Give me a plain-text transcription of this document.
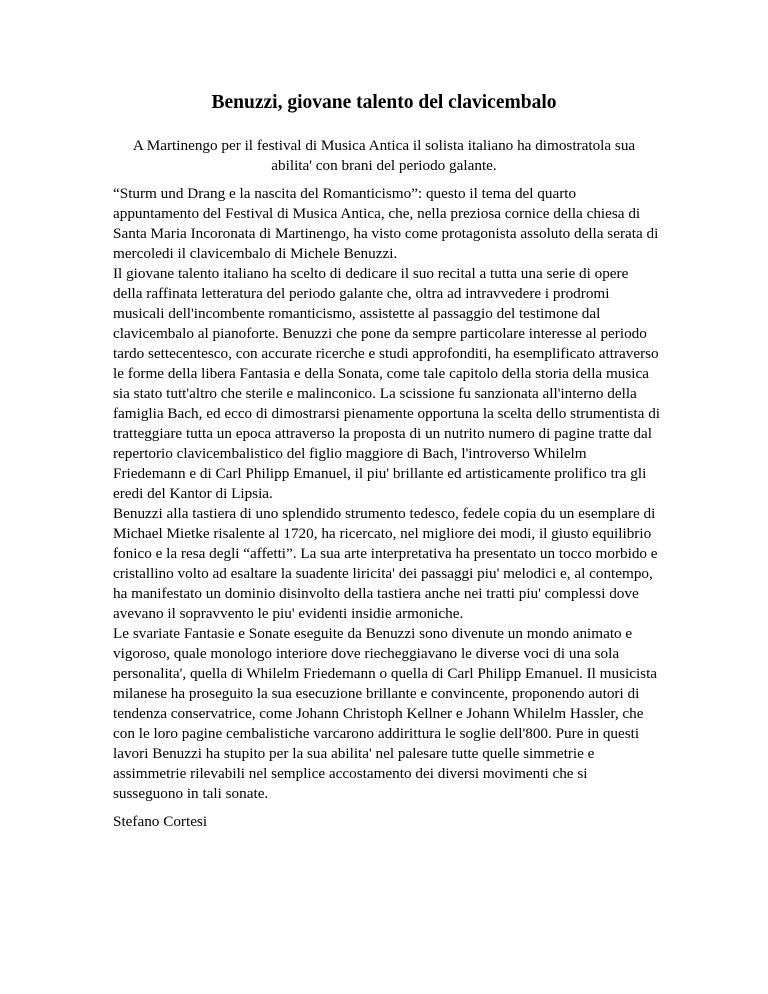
Benuzzi, giovane talento del clavicembalo

A Martinengo per il festival di Musica Antica il solista italiano ha dimostratola sua abilita' con brani del periodo galante.

“Sturm und Drang e la nascita del Romanticismo”: questo il tema del quarto appuntamento del Festival di Musica Antica, che, nella preziosa cornice della chiesa di Santa Maria Incoronata di Martinengo, ha visto come protagonista assoluto della serata di mercoledi il clavicembalo di Michele Benuzzi.

Il giovane talento italiano ha scelto di dedicare il suo recital a tutta una serie di opere della raffinata letteratura del periodo galante che, oltra ad intravvedere i prodromi musicali dell'incombente romanticismo, assistette al passaggio del testimone dal clavicembalo al pianoforte. Benuzzi che pone da sempre particolare interesse al periodo tardo settecentesco, con accurate ricerche e studi approfonditi, ha esemplificato attraverso le forme della libera Fantasia e della Sonata, come tale capitolo della storia della musica sia stato tutt'altro che sterile e malinconico. La scissione fu sanzionata all'interno della famiglia Bach, ed ecco di dimostrarsi pienamente opportuna la scelta dello strumentista di tratteggiare tutta un epoca attraverso la proposta di un nutrito numero di pagine tratte dal repertorio clavicembalistico del figlio maggiore di Bach, l'introverso Whilelm Friedemann e di Carl Philipp Emanuel, il piu' brillante ed artisticamente prolifico tra gli eredi del Kantor di Lipsia.

Benuzzi alla tastiera di uno splendido strumento tedesco, fedele copia du un esemplare di Michael Mietke risalente al 1720, ha ricercato, nel migliore dei modi, il giusto equilibrio fonico e la resa degli “affetti”. La sua arte interpretativa ha presentato un tocco morbido e cristallino volto ad esaltare la suadente liricita' dei passaggi piu' melodici e, al contempo, ha manifestato un dominio disinvolto della tastiera anche nei tratti piu' complessi dove avevano il sopravvento le piu' evidenti insidie armoniche.

Le svariate Fantasie e Sonate eseguite da Benuzzi sono divenute un mondo animato e vigoroso, quale monologo interiore dove riecheggiavano le diverse voci di una sola personalita', quella di Whilelm Friedemann o quella di Carl Philipp Emanuel. Il musicista milanese ha proseguito la sua esecuzione brillante e convincente, proponendo autori di tendenza conservatrice, come Johann Christoph Kellner e Johann Whilelm Hassler, che con le loro pagine cembalistiche varcarono addirittura le soglie dell'800. Pure in questi lavori Benuzzi ha stupito per la sua abilita' nel palesare tutte quelle simmetrie e assimmetrie rilevabili nel semplice accostamento dei diversi movimenti che si susseguono in tali sonate.

Stefano Cortesi
